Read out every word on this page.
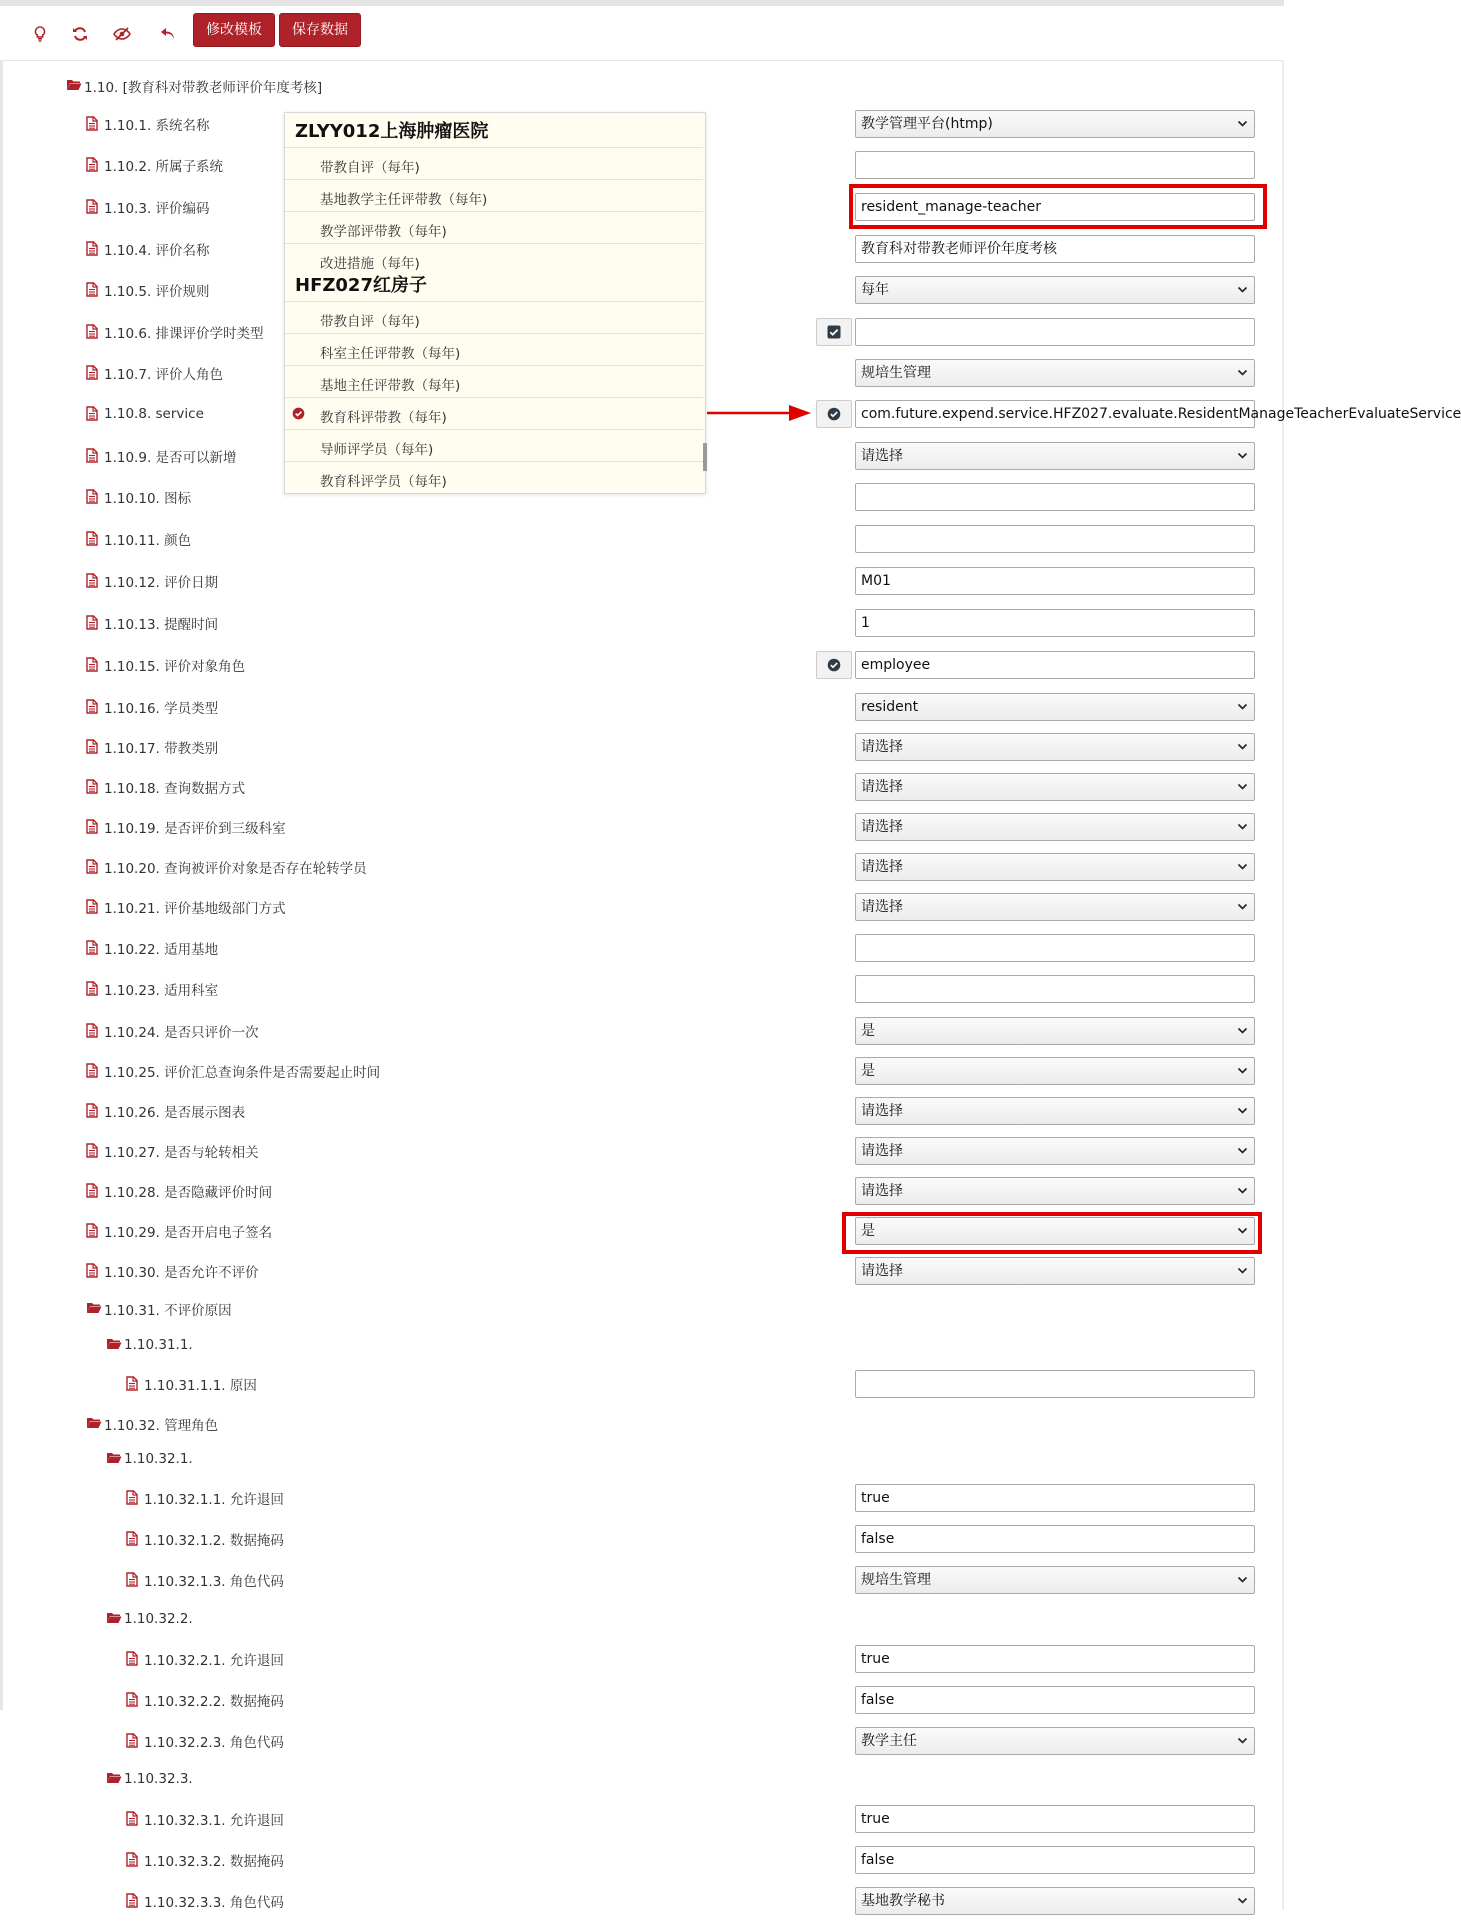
修改模板	保存数据
1.10. [教育科对带教老师评价年度考核]
1.10.1. 系统名称	教学管理平台(htmp)
1.10.2. 所属子系统
1.10.3. 评价编码	resident_manage-teacher
1.10.4. 评价名称	教育科对带教老师评价年度考核
1.10.5. 评价规则	每年
1.10.6. 排课评价学时类型
1.10.7. 评价人角色	规培生管理
1.10.8. service	com.future.expend.service.HFZ027.evaluate.ResidentManageTeacherEvaluateService
1.10.9. 是否可以新增	请选择
1.10.10. 图标
1.10.11. 颜色
1.10.12. 评价日期	M01
1.10.13. 提醒时间	1
1.10.15. 评价对象角色	employee
1.10.16. 学员类型	resident
1.10.17. 带教类别	请选择
1.10.18. 查询数据方式	请选择
1.10.19. 是否评价到三级科室	请选择
1.10.20. 查询被评价对象是否存在轮转学员	请选择
1.10.21. 评价基地级部门方式	请选择
1.10.22. 适用基地
1.10.23. 适用科室
1.10.24. 是否只评价一次	是
1.10.25. 评价汇总查询条件是否需要起止时间	是
1.10.26. 是否展示图表	请选择
1.10.27. 是否与轮转相关	请选择
1.10.28. 是否隐藏评价时间	请选择
1.10.29. 是否开启电子签名	是
1.10.30. 是否允许不评价	请选择
1.10.31. 不评价原因
1.10.31.1.
1.10.31.1.1. 原因
1.10.32. 管理角色
1.10.32.1.
1.10.32.1.1. 允许退回	true
1.10.32.1.2. 数据掩码	false
1.10.32.1.3. 角色代码	规培生管理
1.10.32.2.
1.10.32.2.1. 允许退回	true
1.10.32.2.2. 数据掩码	false
1.10.32.2.3. 角色代码	教学主任
1.10.32.3.
1.10.32.3.1. 允许退回	true
1.10.32.3.2. 数据掩码	false
1.10.32.3.3. 角色代码	基地教学秘书
ZLYY012上海肿瘤医院
带教自评（每年)
基地教学主任评带教（每年)
教学部评带教（每年)
改进措施（每年)
HFZ027红房子
带教自评（每年)
科室主任评带教（每年)
基地主任评带教（每年)
教育科评带教（每年)
导师评学员（每年)
教育科评学员（每年)
